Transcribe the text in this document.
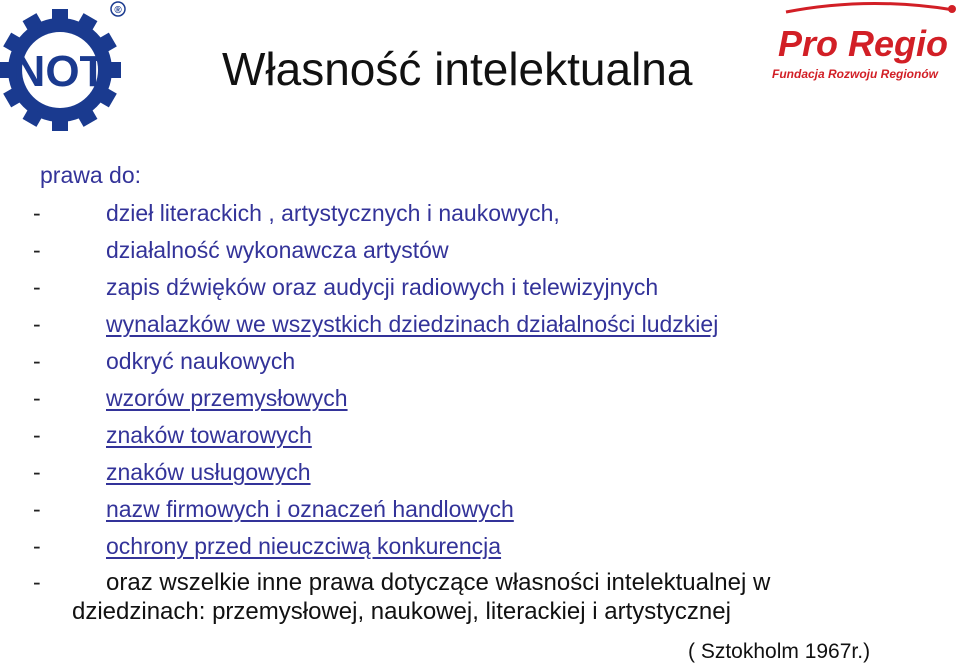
NOT
®
Pro Regio
Fundacja Rozwoju Regionów
Własność intelektualna
prawa do:
-	dzieł literackich , artystycznych i naukowych,
-	działalność wykonawcza artystów
-	zapis dźwięków oraz audycji radiowych i telewizyjnych
-	wynalazków we wszystkich dziedzinach działalności ludzkiej
-	odkryć naukowych
-	wzorów przemysłowych
-	znaków towarowych
-	znaków usługowych
-	nazw firmowych i oznaczeń handlowych
-	ochrony przed nieuczciwą konkurencja
-	oraz wszelkie inne prawa dotyczące własności intelektualnej w
dziedzinach: przemysłowej, naukowej, literackiej i artystycznej
( Sztokholm 1967r.)
